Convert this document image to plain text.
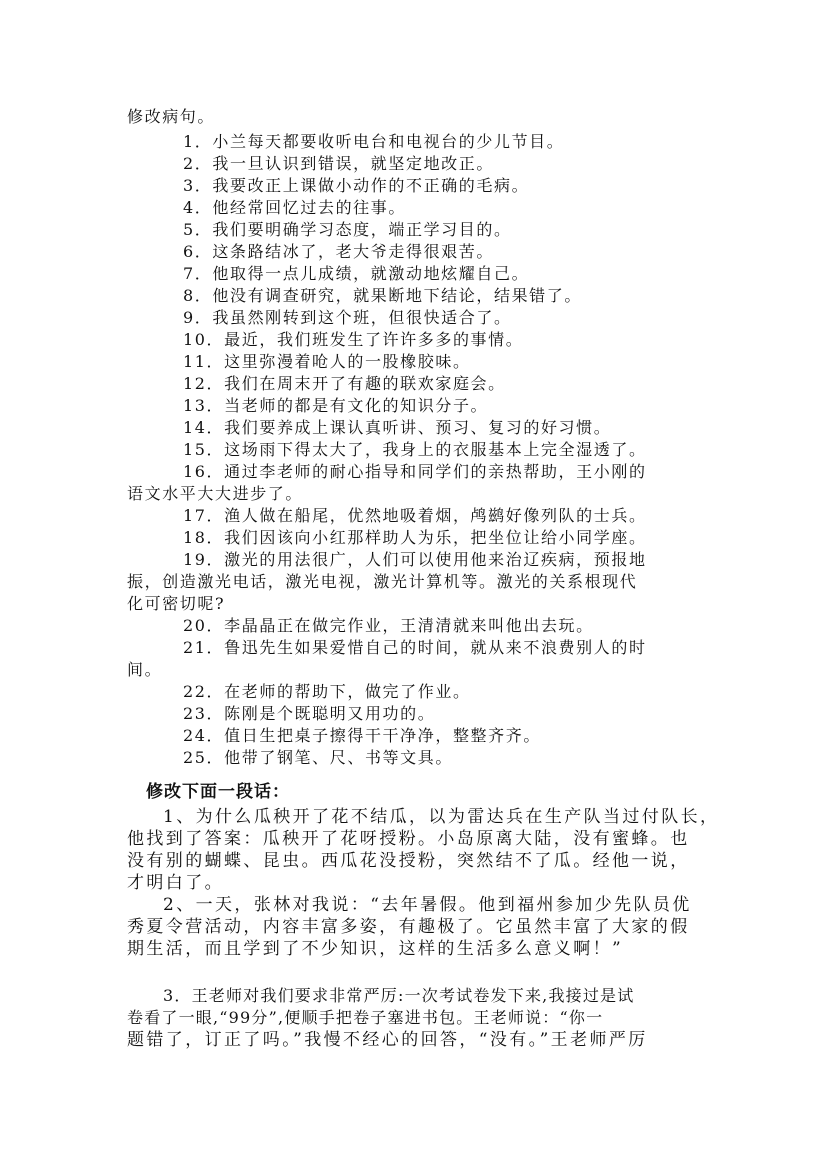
修改病句。
1．小兰每天都要收听电台和电视台的少儿节目。
2．我一旦认识到错误，就坚定地改正。
3．我要改正上课做小动作的不正确的毛病。
4．他经常回忆过去的往事。
5．我们要明确学习态度，端正学习目的。
6．这条路结冰了，老大爷走得很艰苦。
7．他取得一点儿成绩，就激动地炫耀自己。
8．他没有调查研究，就果断地下结论，结果错了。
9．我虽然刚转到这个班，但很快适合了。
10．最近，我们班发生了许许多多的事情。
11．这里弥漫着呛人的一股橡胶味。
12．我们在周末开了有趣的联欢家庭会。
13．当老师的都是有文化的知识分子。
14．我们要养成上课认真听讲、预习、复习的好习惯。
15．这场雨下得太大了，我身上的衣服基本上完全湿透了。
16．通过李老师的耐心指导和同学们的亲热帮助，王小刚的
语文水平大大进步了。
17．渔人做在船尾，优然地吸着烟，鸬鹚好像列队的士兵。
18．我们因该向小红那样助人为乐，把坐位让给小同学座。
19．激光的用法很广，人们可以使用他来治辽疾病，预报地
振，创造激光电话，激光电视，激光计算机等。激光的关系根现代
化可密切呢?
20．李晶晶正在做完作业，王清清就来叫他出去玩。
21．鲁迅先生如果爱惜自己的时间，就从来不浪费别人的时
间。
22．在老师的帮助下，做完了作业。
23．陈刚是个既聪明又用功的。
24．值日生把桌子擦得干干净净，整整齐齐。
25．他带了钢笔、尺、书等文具。
修改下面一段话：
1、为什么瓜秧开了花不结瓜，以为雷达兵在生产队当过付队长，
他找到了答案：瓜秧开了花呀授粉。小岛原离大陆，没有蜜蜂。也
没有别的蝴蝶、昆虫。西瓜花没授粉，突然结不了瓜。经他一说，
才明白了。
2、一天，张林对我说：“去年暑假。他到福州参加少先队员优
秀夏令营活动，内容丰富多姿，有趣极了。它虽然丰富了大家的假
期生活，而且学到了不少知识，这样的生活多么意义啊！”
3．王老师对我们要求非常严厉:一次考试卷发下来,我接过是试
卷看了一眼,“99分”,便顺手把卷子塞进书包。王老师说：“你一
题错了，订正了吗。”我慢不经心的回答，“没有。”王老师严厉
